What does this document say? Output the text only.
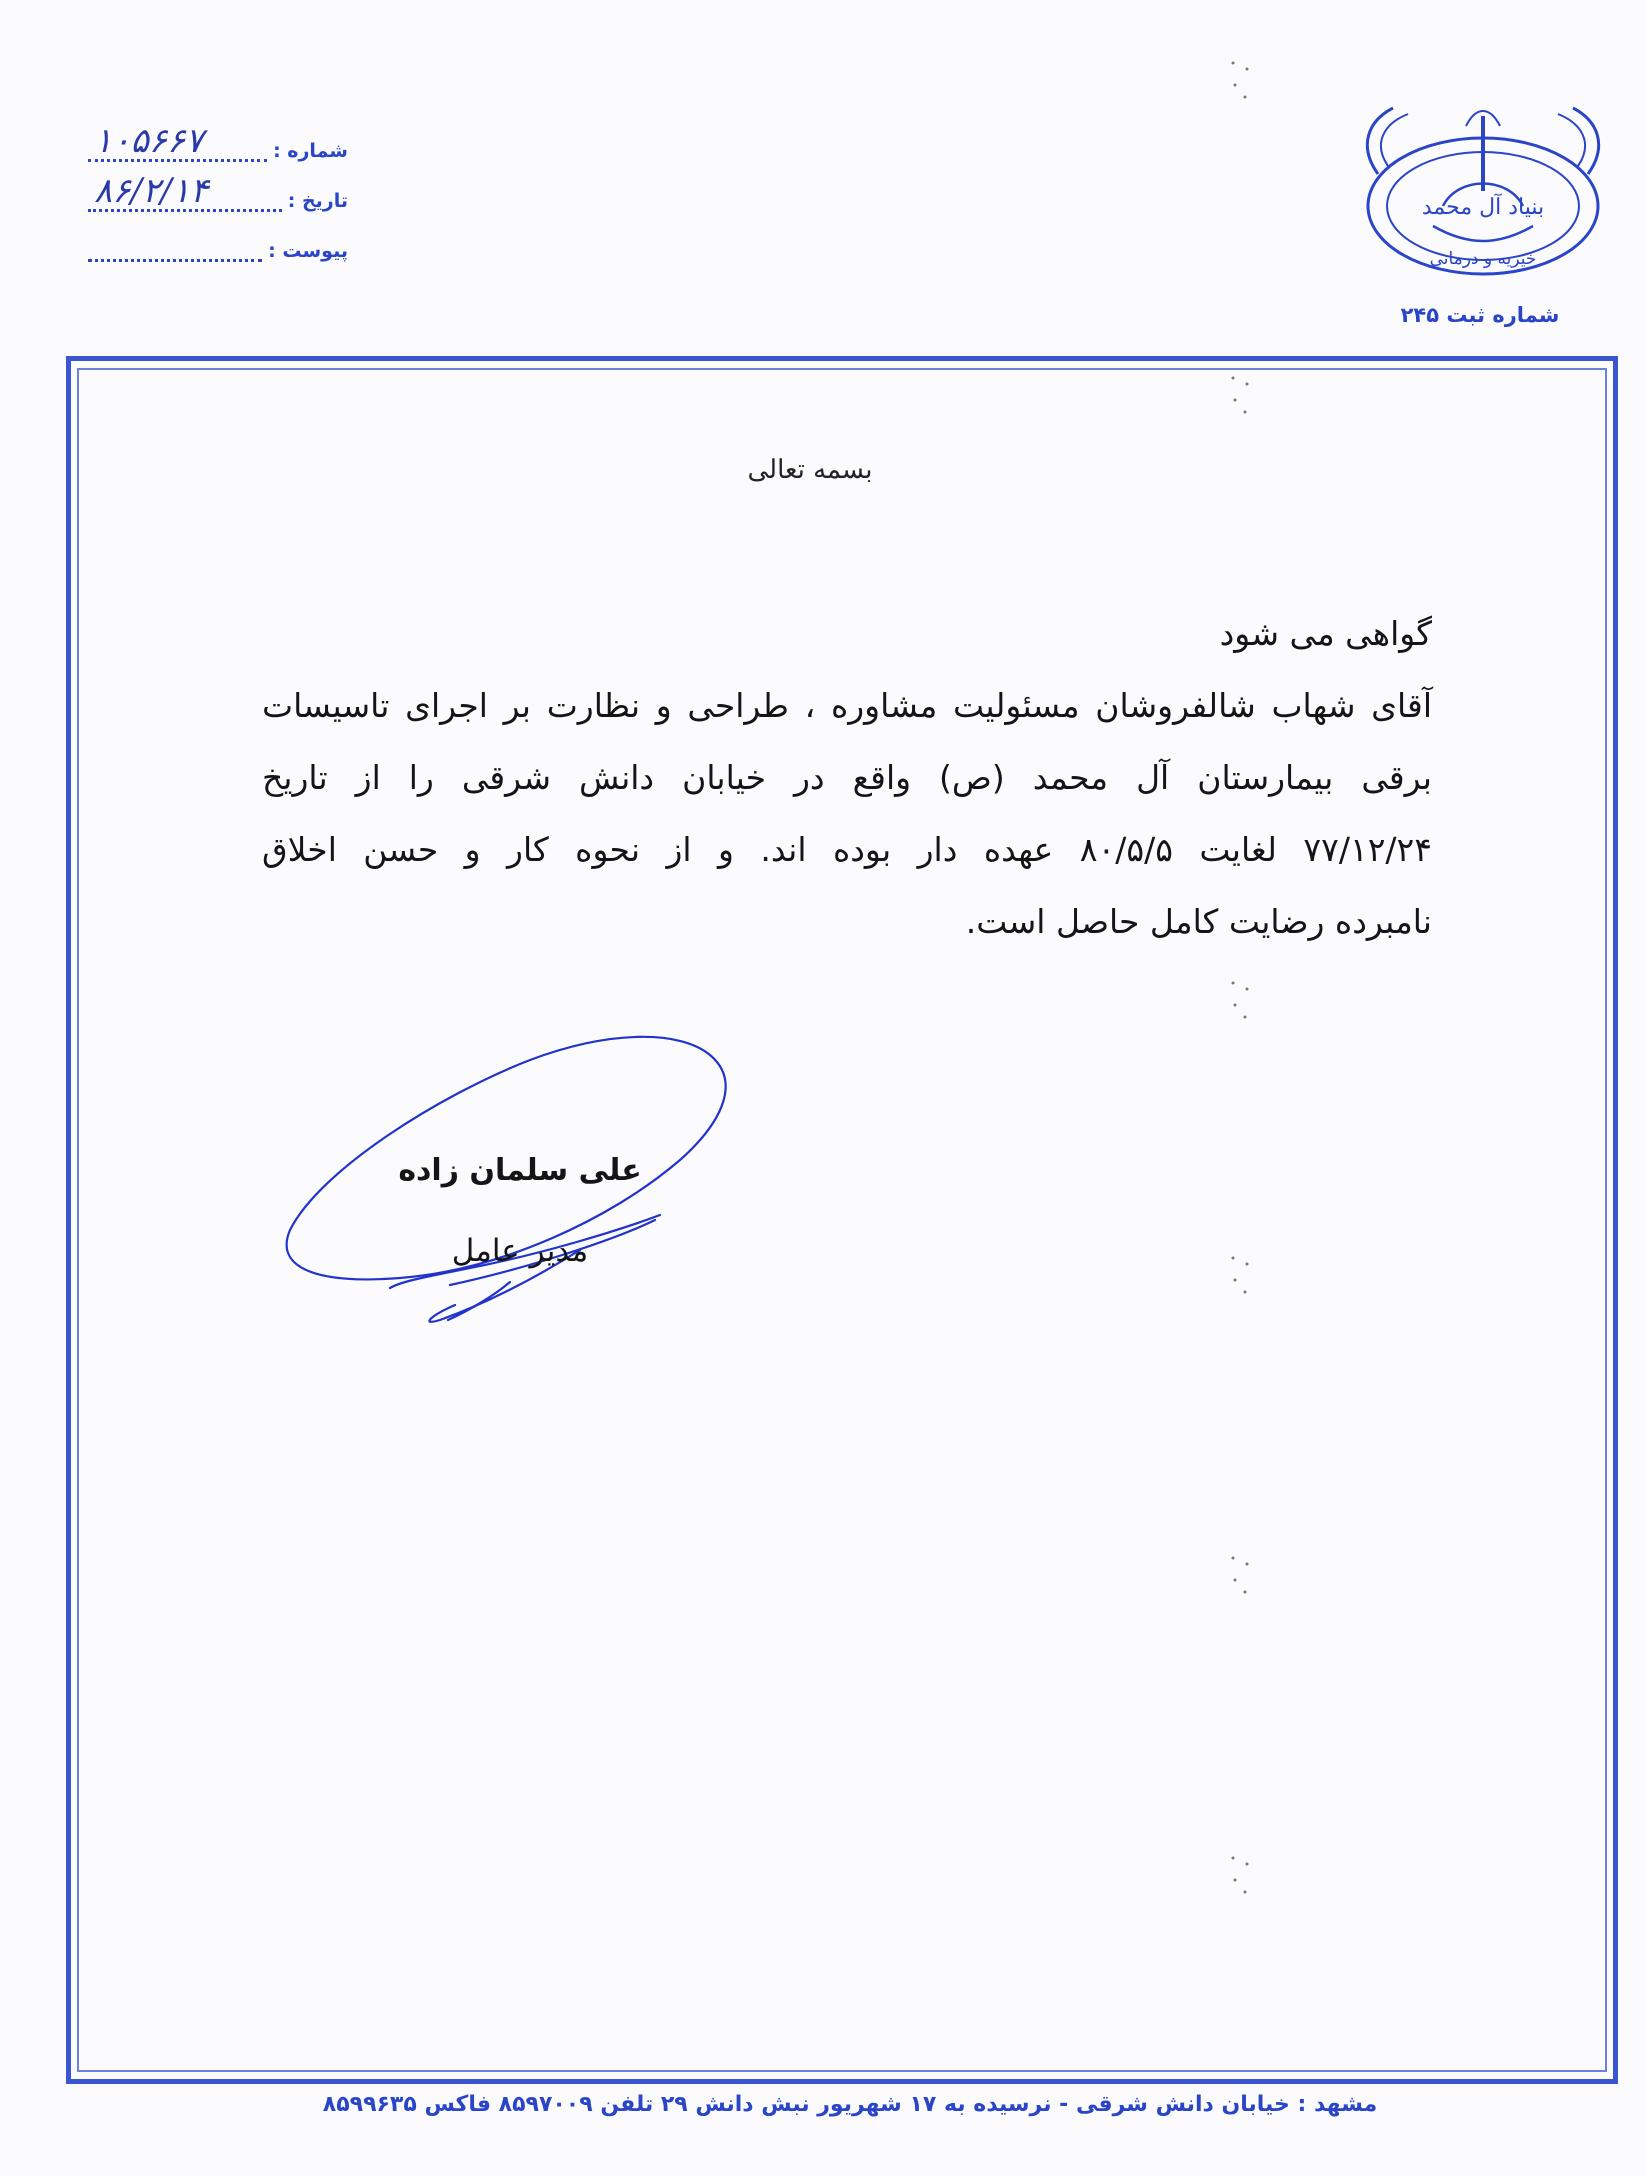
شماره :
۱۰۵۶۶۷
تاریخ :
۸۶/۲/۱۴
پیوست :
بنیاد آل محمد
خیریه و درمانی
شماره ثبت ۲۴۵
بسمه تعالی
گواهی می شود
آقای شهاب شالفروشان مسئولیت مشاوره ، طراحی و نظارت بر اجرای تاسیسات
برقی بیمارستان آل محمد (ص) واقع در خیابان دانش شرقی را از تاریخ
۷۷/۱۲/۲۴ لغایت ۸۰/۵/۵ عهده دار بوده اند. و از نحوه کار و حسن اخلاق
نامبرده رضایت کامل حاصل است.
علی سلمان زاده
مدیر عامل
مشهد : خیابان دانش شرقی - نرسیده به ۱۷ شهریور نبش دانش ۲۹ تلفن ۸۵۹۷۰۰۹ فاکس ۸۵۹۹۶۳۵
